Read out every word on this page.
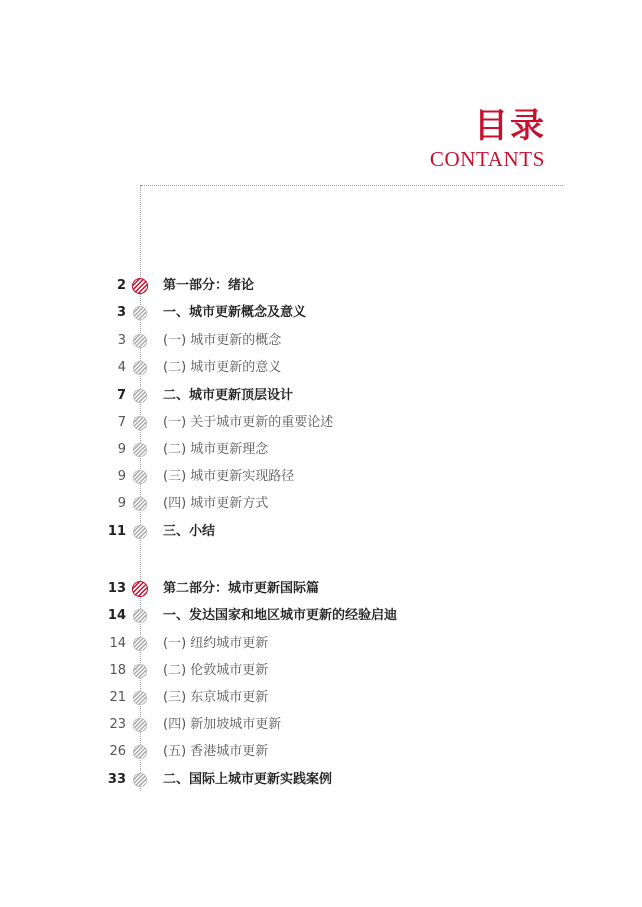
目录
CONTANTS
2	第一部分：绪论
3	一、城市更新概念及意义
3	(一) 城市更新的概念
4	(二) 城市更新的意义
7	二、城市更新顶层设计
7	(一) 关于城市更新的重要论述
9	(二) 城市更新理念
9	(三) 城市更新实现路径
9	(四) 城市更新方式
11	三、小结
13	第二部分：城市更新国际篇
14	一、发达国家和地区城市更新的经验启迪
14	(一) 纽约城市更新
18	(二) 伦敦城市更新
21	(三) 东京城市更新
23	(四) 新加坡城市更新
26	(五) 香港城市更新
33	二、国际上城市更新实践案例
